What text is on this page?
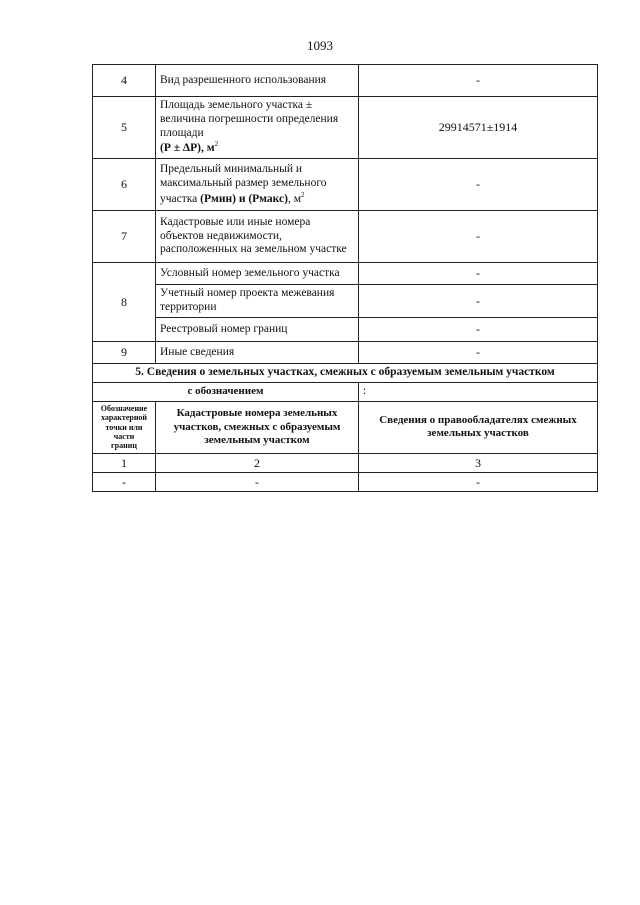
1093
4	Вид разрешенного использования	-
5	Площадь земельного участка ±
величина погрешности определения
площади
(Р ± ΔР), $м^2$	29914571±1914
6	Предельный минимальный и
максимальный размер земельного
участка (Рмин) и (Рмакс), $м^2$	-
7	Кадастровые или иные номера
объектов недвижимости,
расположенных на земельном участке	-
8	Условный номер земельного участка	-
	Учетный номер проекта межевания
территории	-
	Реестровый номер границ	-
9	Иные сведения	-
5. Сведения о земельных участках, смежных с образуемым земельным участком		
с обозначением		:
Обозначение
характерной
точки или
части
границ	Кадастровые номера земельных
участков, смежных с образуемым
земельным участком	Сведения о правообладателях смежных
земельных участков
1	2	3
-	-	-
